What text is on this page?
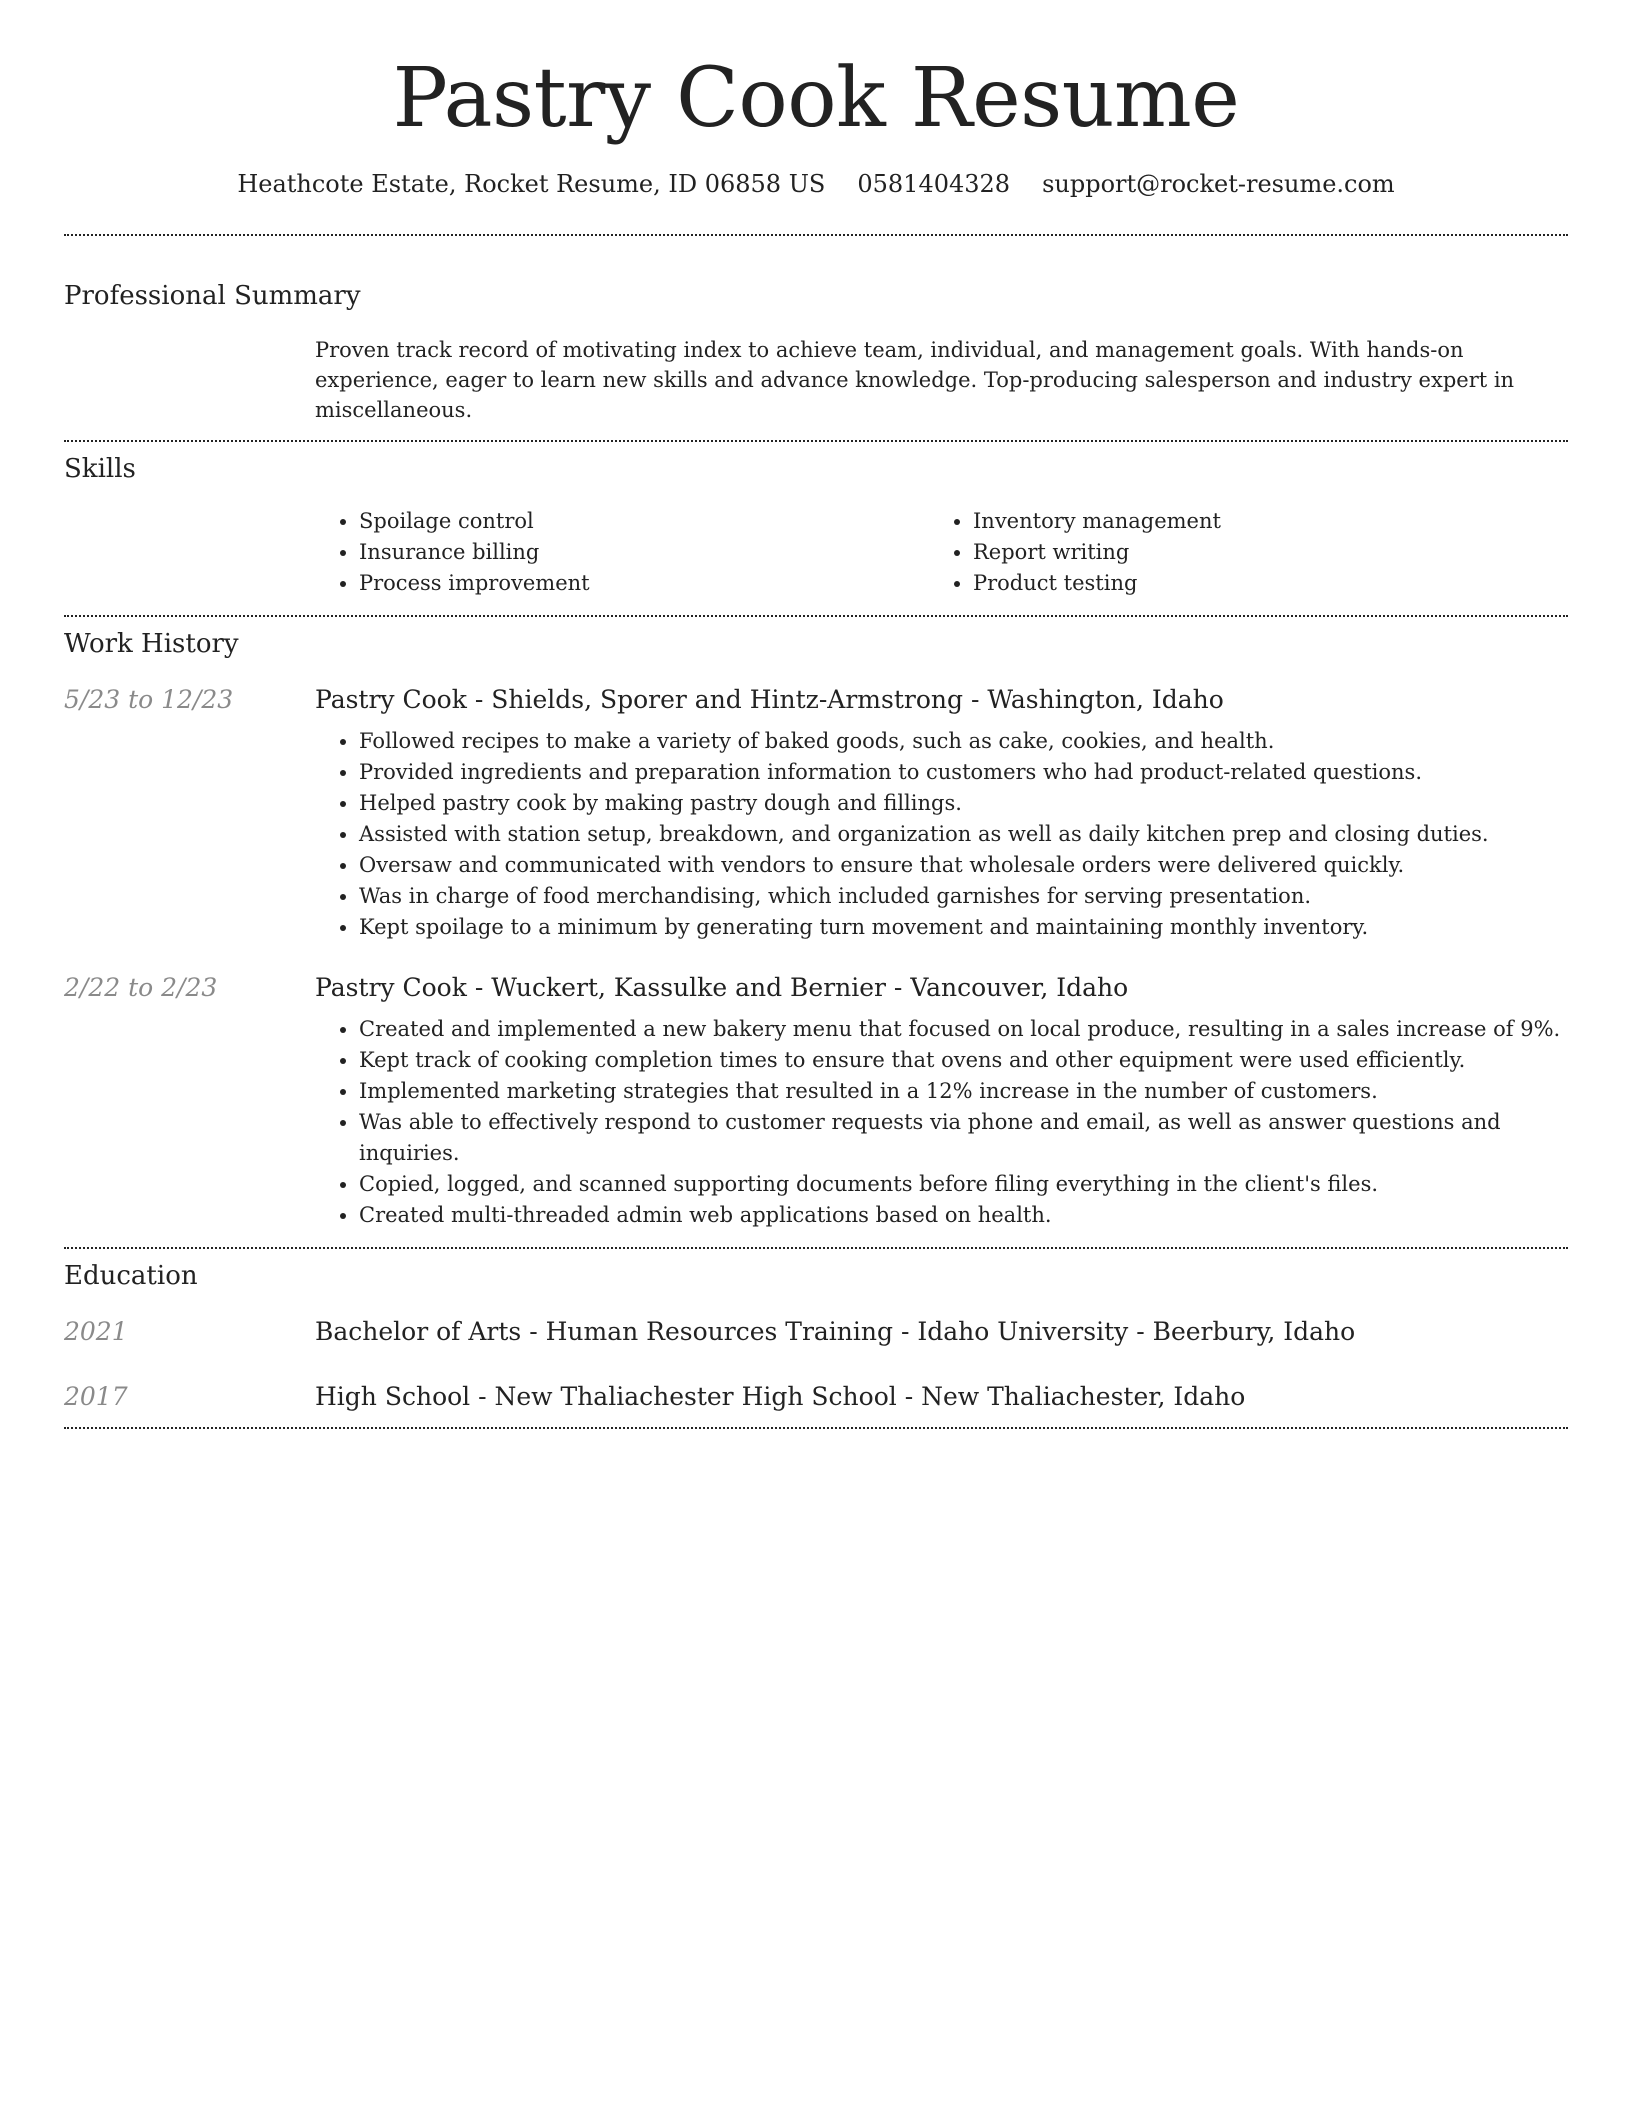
Pastry Cook Resume
Heathcote Estate, Rocket Resume, ID 06858 US 0581404328 support@rocket-resume.com
Professional Summary

Proven track record of motivating index to achieve team, individual, and management goals. With hands-on experience, eager to learn new skills and advance knowledge. Top-producing salesperson and industry expert in miscellaneous.

Skills
• Spoilage control
• Insurance billing
• Process improvement
• Inventory management
• Report writing
• Product testing
Work History
5/23 to 12/23	Pastry Cook - Shields, Sporer and Hintz-Armstrong - Washington, Idaho
• Followed recipes to make a variety of baked goods, such as cake, cookies, and health.
• Provided ingredients and preparation information to customers who had product-related questions.
• Helped pastry cook by making pastry dough and fillings.
• Assisted with station setup, breakdown, and organization as well as daily kitchen prep and closing duties.
• Oversaw and communicated with vendors to ensure that wholesale orders were delivered quickly.
• Was in charge of food merchandising, which included garnishes for serving presentation.
• Kept spoilage to a minimum by generating turn movement and maintaining monthly inventory.
2/22 to 2/23	Pastry Cook - Wuckert, Kassulke and Bernier - Vancouver, Idaho
• Created and implemented a new bakery menu that focused on local produce, resulting in a sales increase of 9%.
• Kept track of cooking completion times to ensure that ovens and other equipment were used efficiently.
• Implemented marketing strategies that resulted in a 12% increase in the number of customers.
• Was able to effectively respond to customer requests via phone and email, as well as answer questions and inquiries.
• Copied, logged, and scanned supporting documents before filing everything in the client's files.
• Created multi-threaded admin web applications based on health.
Education
2021	Bachelor of Arts - Human Resources Training - Idaho University - Beerbury, Idaho
2017	High School - New Thaliachester High School - New Thaliachester, Idaho
